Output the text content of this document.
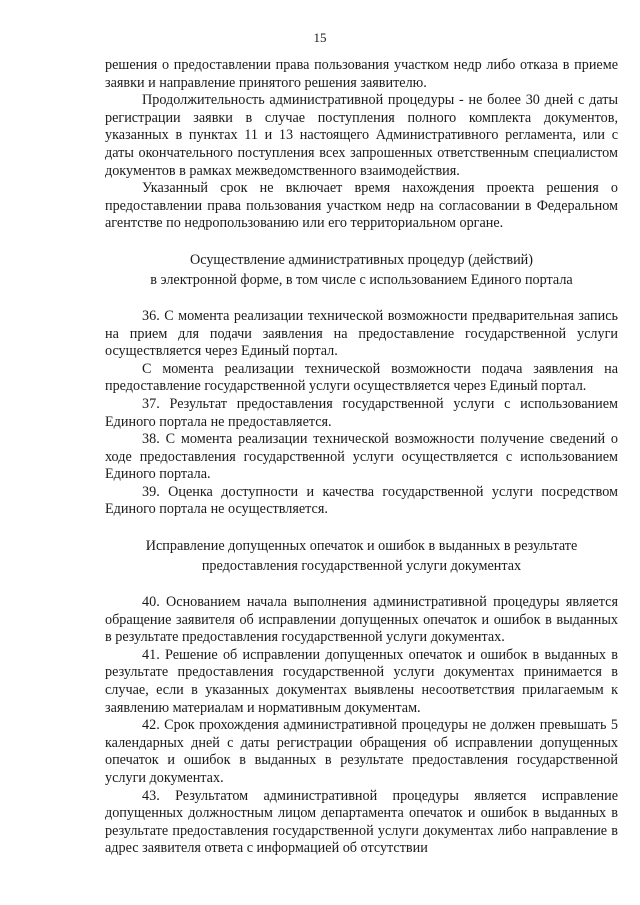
15

решения о предоставлении права пользования участком недр либо отказа в приеме заявки и направление принятого решения заявителю.

Продолжительность административной процедуры - не более 30 дней с даты регистрации заявки в случае поступления полного комплекта документов, указанных в пунктах 11 и 13 настоящего Административного регламента, или с даты окончательного поступления всех запрошенных ответственным специалистом документов в рамках межведомственного взаимодействия.

Указанный срок не включает время нахождения проекта решения о предоставлении права пользования участком недр на согласовании в Федеральном агентстве по недропользованию или его территориальном органе.

Осуществление административных процедур (действий)
в электронной форме, в том числе с использованием Единого портала

36. С момента реализации технической возможности предварительная запись на прием для подачи заявления на предоставление государственной услуги осуществляется через Единый портал.

С момента реализации технической возможности подача заявления на предоставление государственной услуги осуществляется через Единый портал.

37. Результат предоставления государственной услуги с использованием Единого портала не предоставляется.

38. С момента реализации технической возможности получение сведений о ходе предоставления государственной услуги осуществляется с использованием Единого портала.

39. Оценка доступности и качества государственной услуги посредством Единого портала не осуществляется.

Исправление допущенных опечаток и ошибок в выданных в результате
предоставления государственной услуги документах

40. Основанием начала выполнения административной процедуры является обращение заявителя об исправлении допущенных опечаток и ошибок в выданных в результате предоставления государственной услуги документах.

41. Решение об исправлении допущенных опечаток и ошибок в выданных в результате предоставления государственной услуги документах принимается в случае, если в указанных документах выявлены несоответствия прилагаемым к заявлению материалам и нормативным документам.

42. Срок прохождения административной процедуры не должен превышать 5 календарных дней с даты регистрации обращения об исправлении допущенных опечаток и ошибок в выданных в результате предоставления государственной услуги документах.

43. Результатом административной процедуры является исправление допущенных должностным лицом департамента опечаток и ошибок в выданных в результате предоставления государственной услуги документах либо направление в адрес заявителя ответа с информацией об отсутствии
